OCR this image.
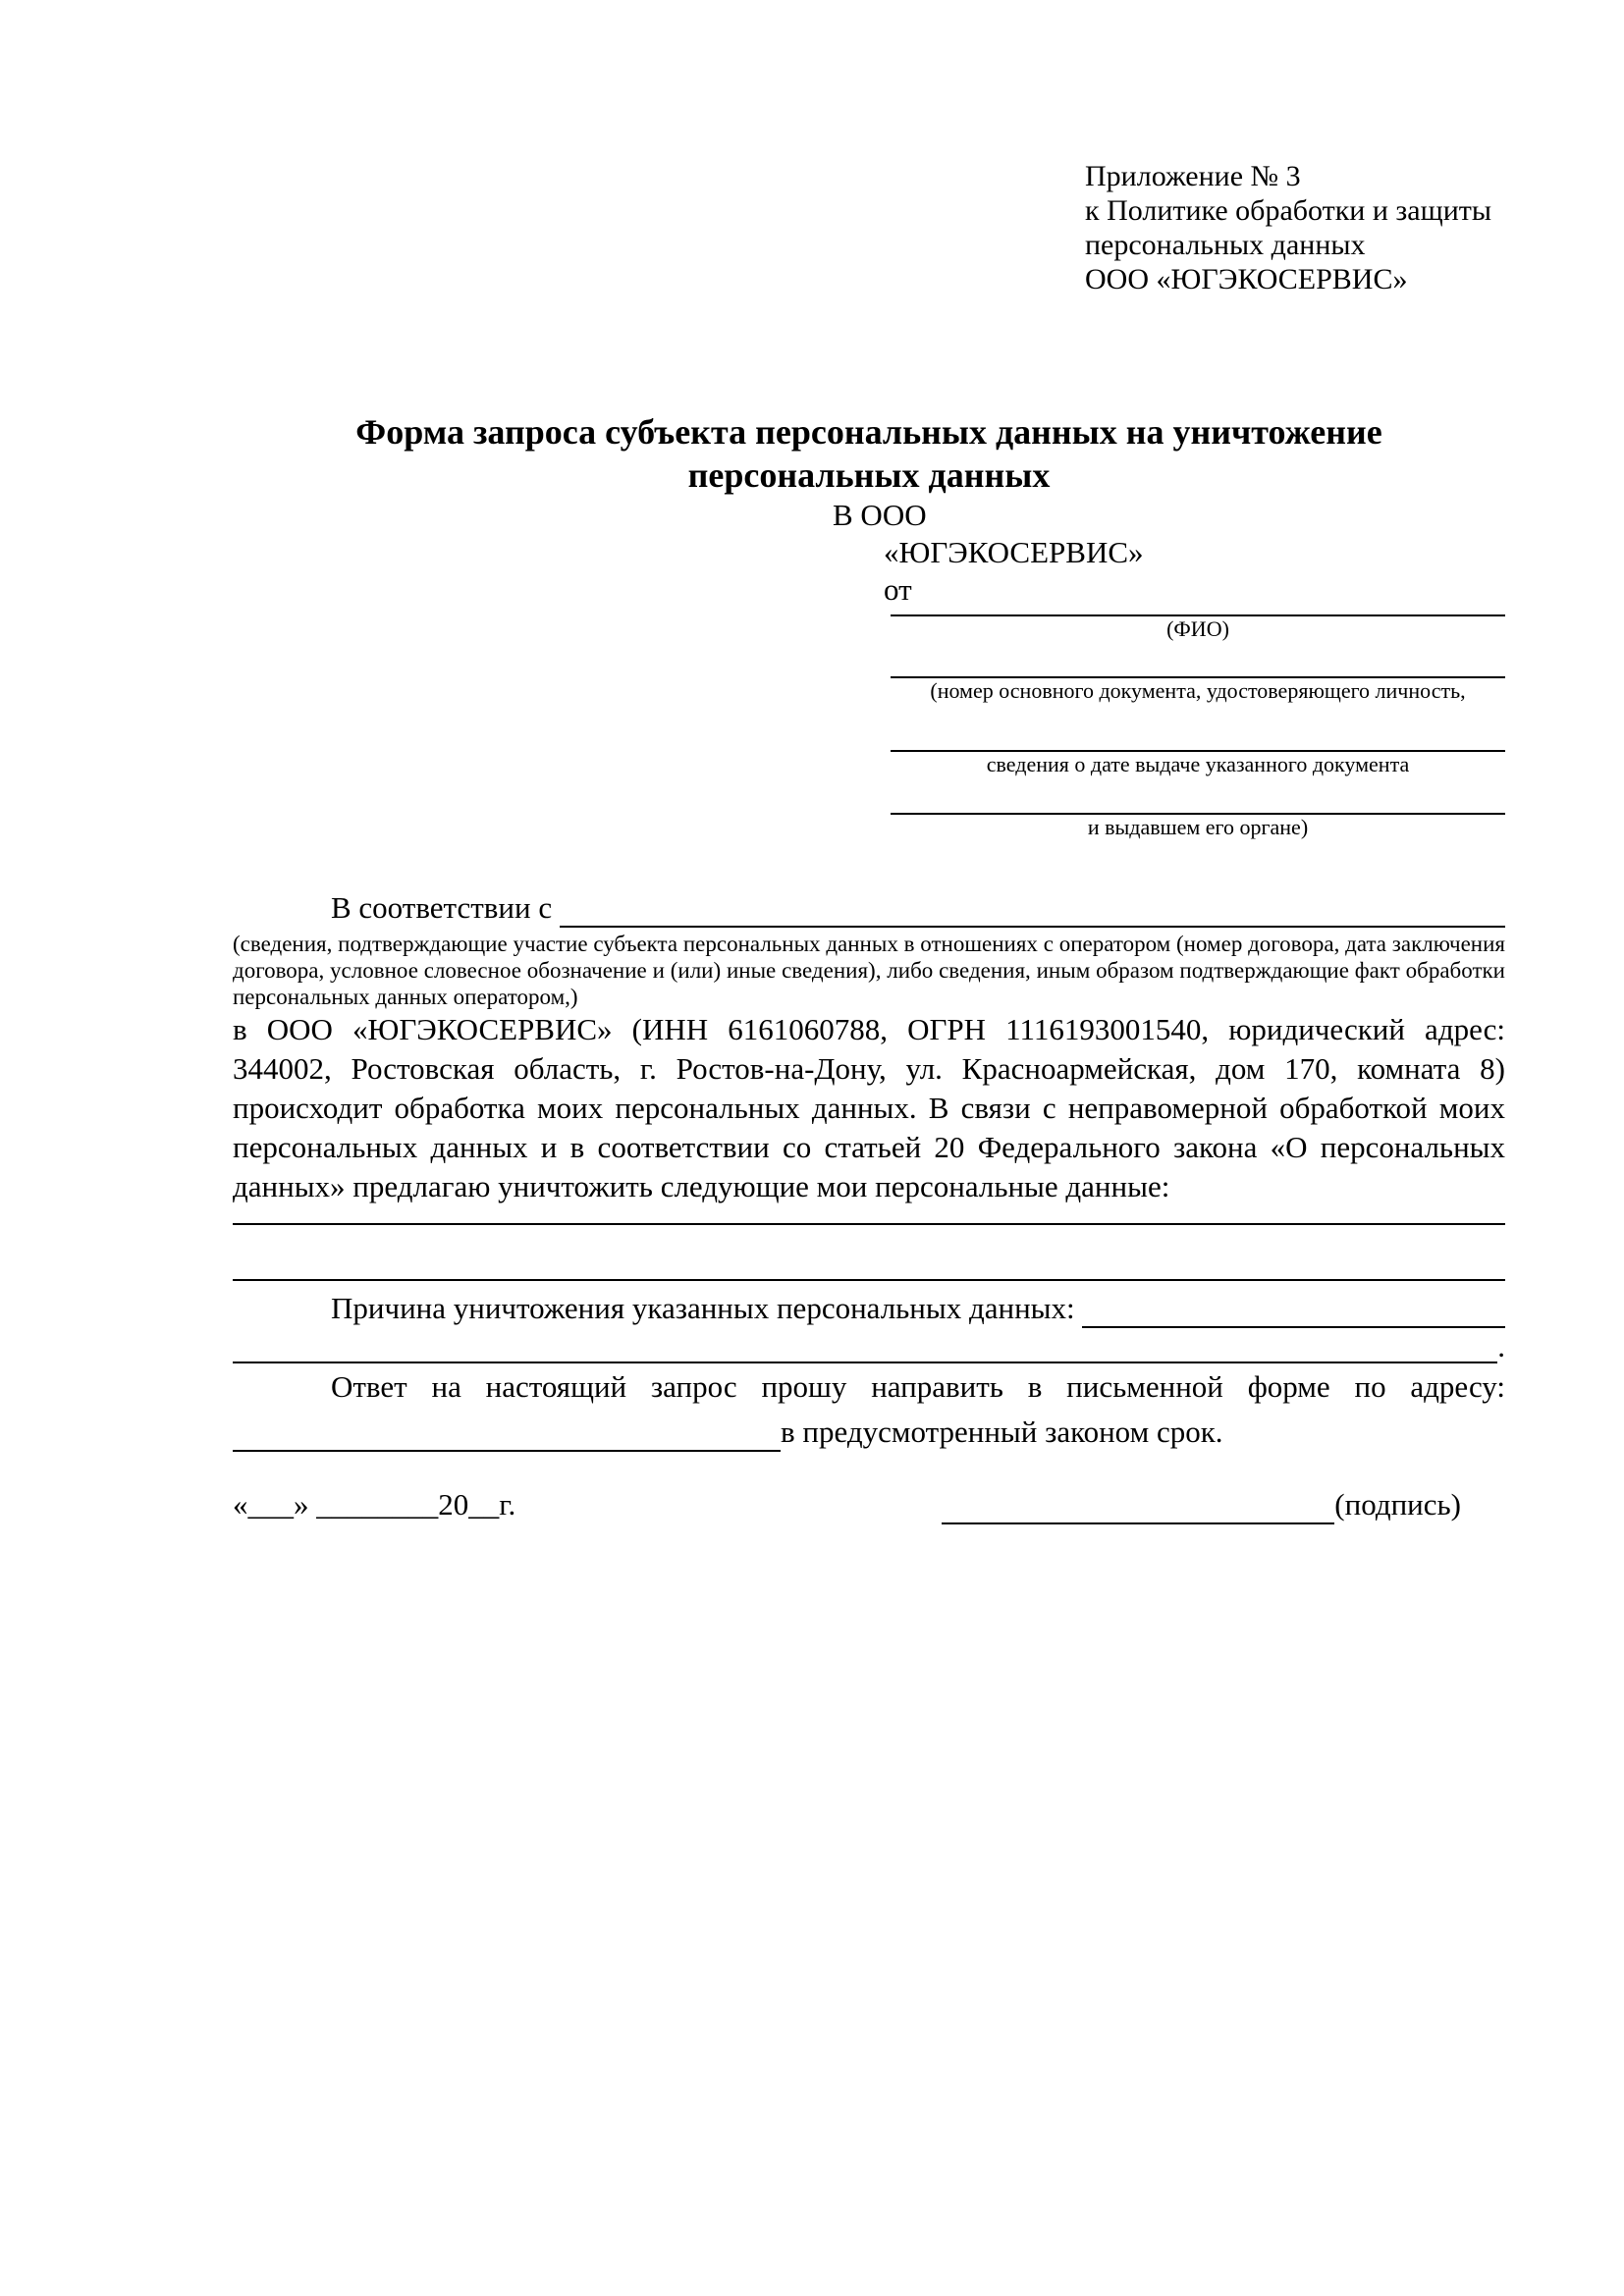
Приложение № 3
к Политике обработки и защиты
персональных данных
ООО «ЮГЭКОСЕРВИС»
Форма запроса субъекта персональных данных на уничтожение персональных данных
В ООО
«ЮГЭКОСЕРВИС»
от
(ФИО)
(номер основного документа, удостоверяющего личность,
сведения о дате выдаче указанного документа
и выдавшем его органе)
В соответствии с
(сведения, подтверждающие участие субъекта персональных данных в отношениях с оператором (номер договора, дата заключения договора, условное словесное обозначение и (или) иные сведения), либо сведения, иным образом подтверждающие факт обработки персональных данных оператором,)
в ООО «ЮГЭКОСЕРВИС» (ИНН 6161060788, ОГРН 1116193001540, юридический адрес: 344002, Ростовская область, г. Ростов-на-Дону, ул. Красноармейская, дом 170, комната 8) происходит обработка моих персональных данных. В связи с неправомерной обработкой моих персональных данных и в соответствии со статьей 20 Федерального закона «О персональных данных» предлагаю уничтожить следующие мои персональные данные:
Причина уничтожения указанных персональных данных:
.
Ответ на настоящий запрос прошу направить в письменной форме по адресу:
в предусмотренный законом срок.
«___» ________20__г.	(подпись)
